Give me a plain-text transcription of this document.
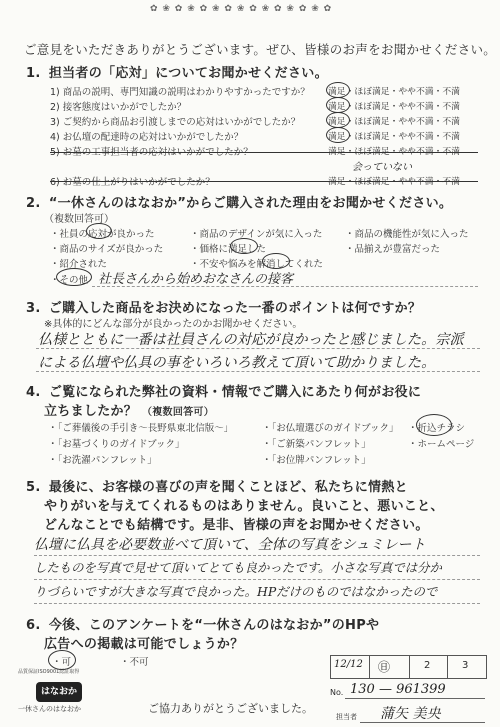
✿ ❀ ✿ ❀ ✿ ❀ ✿ ❀ ✿ ❀ ✿ ❀ ✿ ❀ ✿
ご意見をいただきありがとうございます。ぜひ、皆様のお声をお聞かせください。
1. 担当者の「応対」についてお聞かせください。
1) 商品の説明、専門知識の説明はわかりやすかったですか？ 満足・ほぼ満足・やや不満・不満
2) 接客態度はいかがでしたか？	満足・ほぼ満足・やや不満・不満
3) ご契約から商品お引渡しまでの応対はいかがでしたか？	満足・ほぼ満足・やや不満・不満
4) お仏壇の配達時の応対はいかがでしたか？	満足・ほぼ満足・やや不満・不満
5) お墓の工事担当者の応対はいかがでしたか？	満足・ほぼ満足・やや不満・不満
6) お墓の仕上がりはいかがでしたか？	満足・ほぼ満足・やや不満・不満
会っていない
2. “一休さんのはなおか”からご購入された理由をお聞かせください。
（複数回答可）
・社員の応対が良かった	・商品のデザインが気に入った ・商品の機能性が気に入った
・商品のサイズが良かった	・価格に満足した	・品揃えが豊富だった
・紹介された	・不安や悩みを解消してくれた
・その他 社長さんから始めおなさんの接客
3. ご購入した商品をお決めになった一番のポイントは何ですか？
※具体的にどんな部分が良かったのかお聞かせください。
仏様とともに一番は社員さんの対応が良かったと感じました。宗派
による仏壇や仏具の事をいろいろ教えて頂いて助かりました。
4. ご覧になられた弊社の資料・情報でご購入にあたり何がお役に
立ちましたか？ （複数回答可）
・「ご葬儀後の手引き〜長野県東北信版〜」	・「お仏壇選びのガイドブック」 ・折込チラシ
・「お墓づくりのガイドブック」	・「ご新築パンフレット」	・ホームページ
・「お洗濯パンフレット」	・「お位牌パンフレット」
5. 最後に、お客様の喜びの声を聞くことほど、私たちに情熱と
やりがいを与えてくれるものはありません。良いこと、悪いこと、
どんなことでも結構です。是非、皆様の声をお聞かせください。
仏壇に仏具を必要数並べて頂いて、全体の写真をシュミレート
したものを写真で見せて頂いてとても良かったです。小さな写真では分か
りづらいですが大きな写真で良かった。HPだけのものではなかったので
6. 今後、このアンケートを“一休さんのはなおか”のHPや
広告への掲載は可能でしょうか？
・可	・不可
品質保証ISO9001認証取得
はなおか
一休さんのはなおか	ご協力ありがとうございました。
12/12 ㊐	2	3
No. 130 — 961399
担当者 蒲矢 美央
